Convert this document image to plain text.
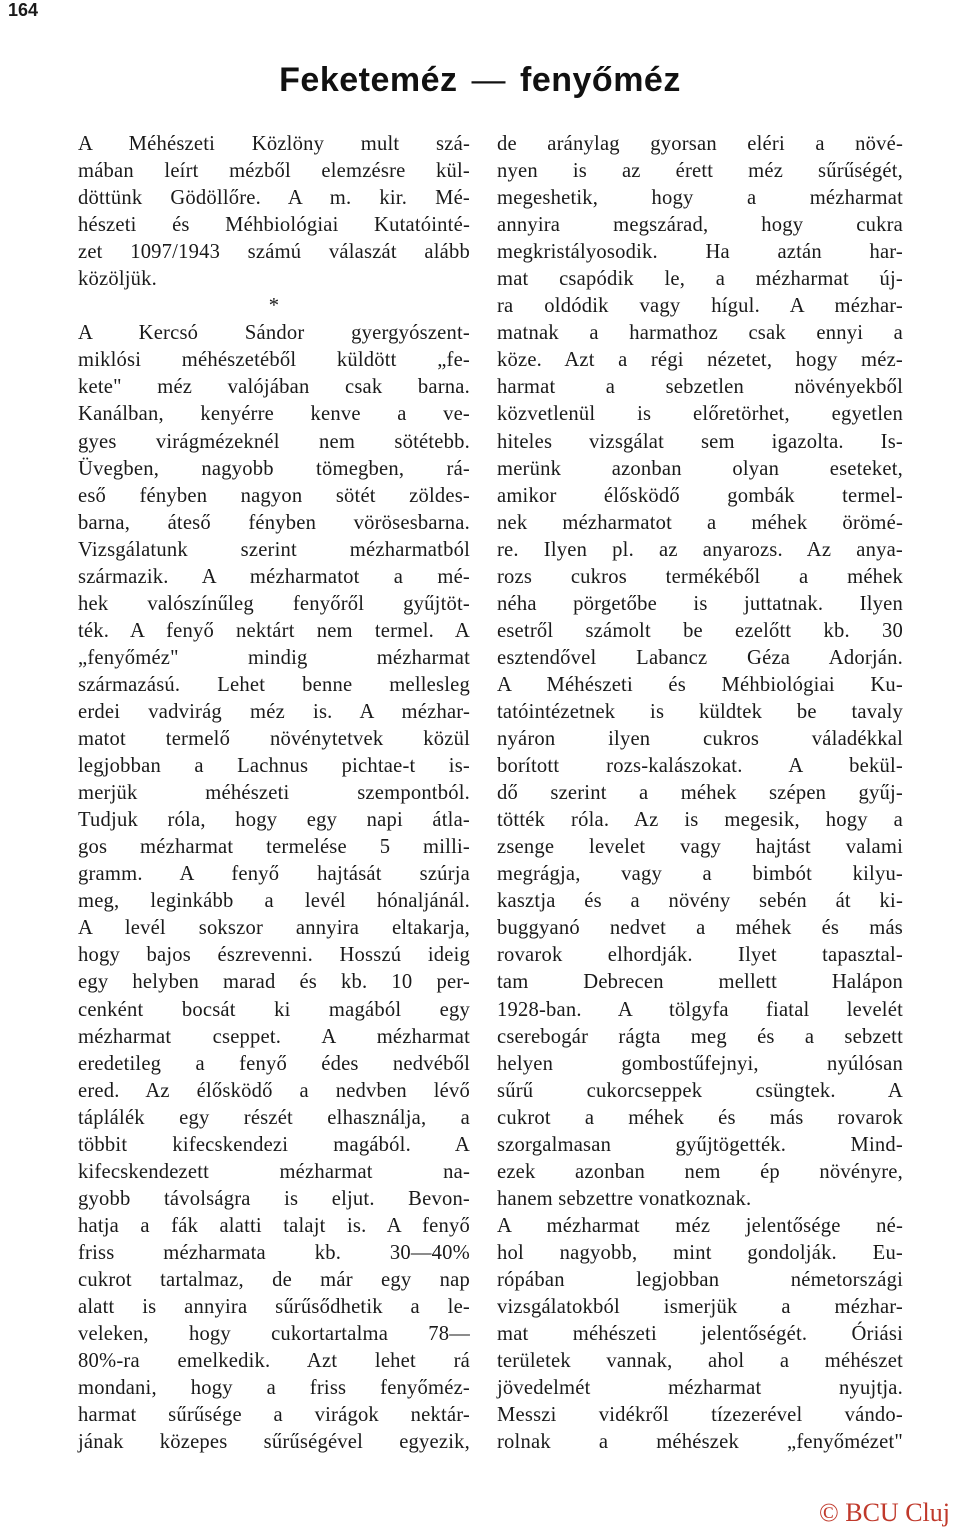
164
Feketeméz — fenyőméz
A Méhészeti Közlöny mult szá-
mában leírt mézből elemzésre kül-
döttünk Gödöllőre. A m. kir. Mé-
hészeti és Méhbiológiai Kutatóinté-
zet 1097/1943 számú válaszát alább
közöljük.
*
A Kercsó Sándor gyergyószent-
miklósi méhészetéből küldött „fe-
kete" méz valójában csak barna.
Kanálban, kenyérre kenve a ve-
gyes virágmézeknél nem sötétebb.
Üvegben, nagyobb tömegben, rá-
eső fényben nagyon sötét zöldes-
barna, áteső fényben vörösesbarna.
Vizsgálatunk szerint mézharmatból
származik. A mézharmatot a mé-
hek valószínűleg fenyőről gyűjtöt-
ték. A fenyő nektárt nem termel. A
„fenyőméz" mindig mézharmat
származású. Lehet benne mellesleg
erdei vadvirág méz is. A mézhar-
matot termelő növénytetvek közül
legjobban a Lachnus pichtae-t is-
merjük méhészeti szempontból.
Tudjuk róla, hogy egy napi átla-
gos mézharmat termelése 5 milli-
gramm. A fenyő hajtását szúrja
meg, leginkább a levél hónaljánál.
A levél sokszor annyira eltakarja,
hogy bajos észrevenni. Hosszú ideig
egy helyben marad és kb. 10 per-
cenként bocsát ki magából egy
mézharmat cseppet. A mézharmat
eredetileg a fenyő édes nedvéből
ered. Az élősködő a nedvben lévő
táplálék egy részét elhasználja, a
többit kifecskendezi magából. A
kifecskendezett mézharmat na-
gyobb távolságra is eljut. Bevon-
hatja a fák alatti talajt is. A fenyő
friss mézharmata kb. 30—40%
cukrot tartalmaz, de már egy nap
alatt is annyira sűrűsődhetik a le-
veleken, hogy cukortartalma 78—
80%-ra emelkedik. Azt lehet rá
mondani, hogy a friss fenyőméz-
harmat sűrűsége a virágok nektár-
jának közepes sűrűségével egyezik,
de aránylag gyorsan eléri a növé-
nyen is az érett méz sűrűségét,
megeshetik, hogy a mézharmat
annyira megszárad, hogy cukra
megkristályosodik. Ha aztán har-
mat csapódik le, a mézharmat új-
ra oldódik vagy hígul. A mézhar-
matnak a harmathoz csak ennyi a
köze. Azt a régi nézetet, hogy méz-
harmat a sebzetlen növényekből
közvetlenül is előretörhet, egyetlen
hiteles vizsgálat sem igazolta. Is-
merünk azonban olyan eseteket,
amikor élősködő gombák termel-
nek mézharmatot a méhek örömé-
re. Ilyen pl. az anyarozs. Az anya-
rozs cukros termékéből a méhek
néha pörgetőbe is juttatnak. Ilyen
esetről számolt be ezelőtt kb. 30
esztendővel Labancz Géza Adorján.
A Méhészeti és Méhbiológiai Ku-
tatóintézetnek is küldtek be tavaly
nyáron ilyen cukros váladékkal
borított rozs-kalászokat. A bekül-
dő szerint a méhek szépen gyűj-
tötték róla. Az is megesik, hogy a
zsenge levelet vagy hajtást valami
megrágja, vagy a bimbót kilyu-
kasztja és a növény sebén át ki-
buggyanó nedvet a méhek és más
rovarok elhordják. Ilyet tapasztal-
tam Debrecen mellett Halápon
1928-ban. A tölgyfa fiatal levelét
cserebogár rágta meg és a sebzett
helyen gombostűfejnyi, nyúlósan
sűrű cukorcseppek csüngtek. A
cukrot a méhek és más rovarok
szorgalmasan gyűjtögették. Mind-
ezek azonban nem ép növényre,
hanem sebzettre vonatkoznak.
A mézharmat méz jelentősége né-
hol nagyobb, mint gondolják. Eu-
rópában legjobban németországi
vizsgálatokból ismerjük a mézhar-
mat méhészeti jelentőségét. Óriási
területek vannak, ahol a méhészet
jövedelmét mézharmat nyujtja.
Messzi vidékről tízezerével vándo-
rolnak a méhészek „fenyőmézet"
© BCU Cluj
